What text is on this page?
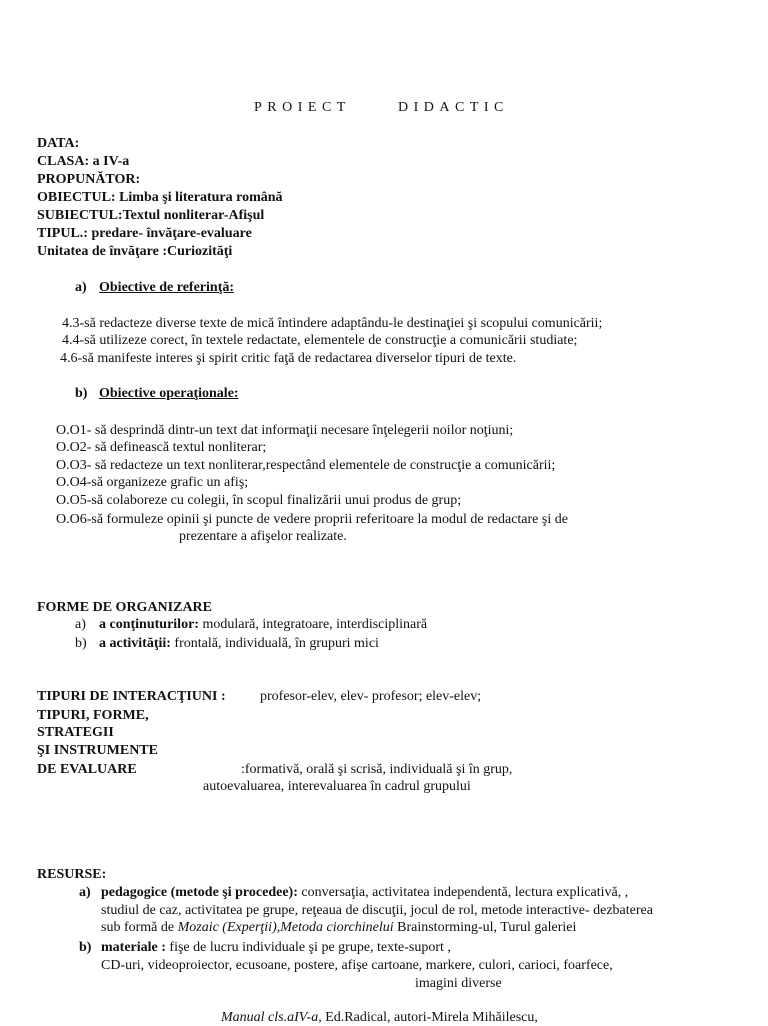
PROIECT	DIDACTIC
DATA:
CLASA: a IV-a
PROPUNĂTOR:
OBIECTUL: Limba şi literatura română
SUBIECTUL:Textul nonliterar-Afişul
TIPUL.: predare- învăţare-evaluare
Unitatea de învăţare :Curiozităţi
a) Obiective de referinţă:
4.3-să redacteze diverse texte de mică întindere adaptându-le destinaţiei şi scopului comunicării;
4.4-să utilizeze corect, în textele redactate, elementele de construcţie a comunicării studiate;
4.6-să manifeste interes şi spirit critic faţă de redactarea diverselor tipuri de texte.
b) Obiective operaţionale:
O.O1- să desprindă dintr-un text dat informaţii necesare înţelegerii noilor noţiuni;
O.O2- să definească textul nonliterar;
O.O3- să redacteze un text nonliterar,respectând elementele de construcţie a comunicării;
O.O4-să organizeze grafic un afiş;
O.O5-să colaboreze cu colegii, în scopul finalizării unui produs de grup;
O.O6-să formuleze opinii şi puncte de vedere proprii referitoare la modul de redactare şi de
prezentare a afişelor realizate.
FORME DE ORGANIZARE
a) a conţinuturilor: modulară, integratoare, interdisciplinară
b) a activităţii: frontală, individuală, în grupuri mici
TIPURI DE INTERACŢIUNI : profesor-elev, elev- profesor; elev-elev;
TIPURI, FORME,
STRATEGII
ŞI INSTRUMENTE
DE EVALUARE	:formativă, orală şi scrisă, individuală şi în grup,
autoevaluarea, interevaluarea în cadrul grupului
RESURSE:
a) pedagogice (metode şi procedee): conversaţia, activitatea independentă, lectura explicativă, ,
studiul de caz, activitatea pe grupe, reţeaua de discuţii, jocul de rol, metode interactive- dezbaterea
sub formă de Mozaic (Experţii),Metoda ciorchinelui Brainstorming-ul, Turul galeriei
b) materiale : fişe de lucru individuale şi pe grupe, texte-suport ,
CD-uri, videoproiector, ecusoane, postere, afişe cartoane, markere, culori, carioci, foarfece,
imagini diverse
Manual cls.aIV-a, Ed.Radical, autori-Mirela Mihăilescu,
